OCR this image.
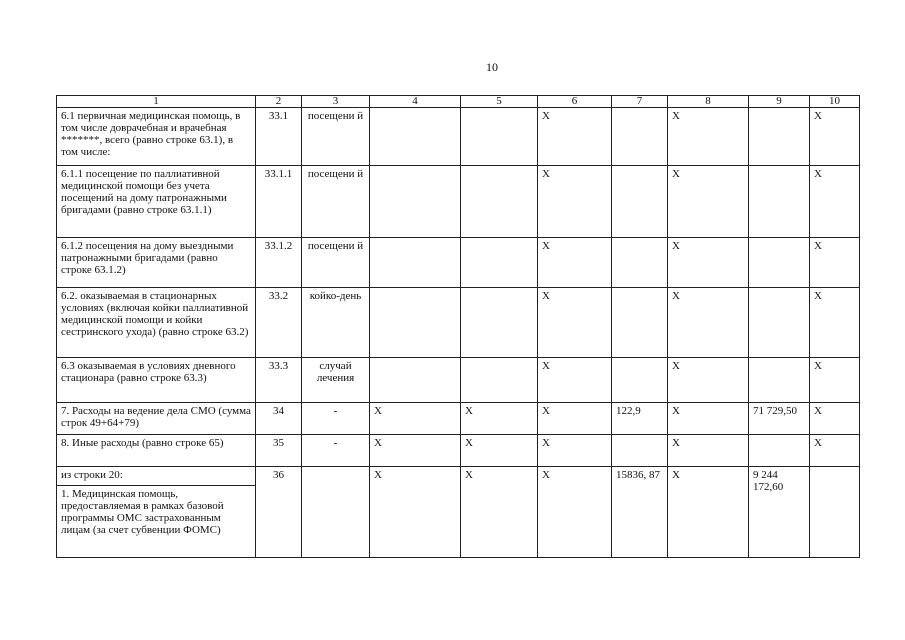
10
1	2	3	4	5	6	7	8	9	10
6.1 первичная медицинская помощь, в том числе доврачебная и врачебная *******, всего (равно строке 63.1), в том числе:	33.1	посещени й			X		X		X
6.1.1 посещение по паллиативной медицинской помощи без учета посещений на дому патронажными бригадами (равно строке 63.1.1)	33.1.1	посещени й			X		X		X
6.1.2 посещения на дому выездными патронажными бригадами (равно строке 63.1.2)	33.1.2	посещени й			X		X		X
6.2. оказываемая в стационарных условиях (включая койки паллиативной медицинской помощи и койки сестринского ухода) (равно строке 63.2)	33.2	койко-день			X		X		X
6.3 оказываемая в условиях дневного стационара (равно строке 63.3)	33.3	случай лечения			X		X		X
7. Расходы на ведение дела СМО (сумма строк 49+64+79)	34	-	X	X	X	122,9	X	71 729,50	X
8. Иные расходы (равно строке 65)	35	-	X	X	X		X		X
из строки 20:	36		X	X	X	15836, 87	X	9 244 172,60	
1. Медицинская помощь, предоставляемая в рамках базовой программы ОМС застрахованным лицам (за счет субвенции ФОМС)									
